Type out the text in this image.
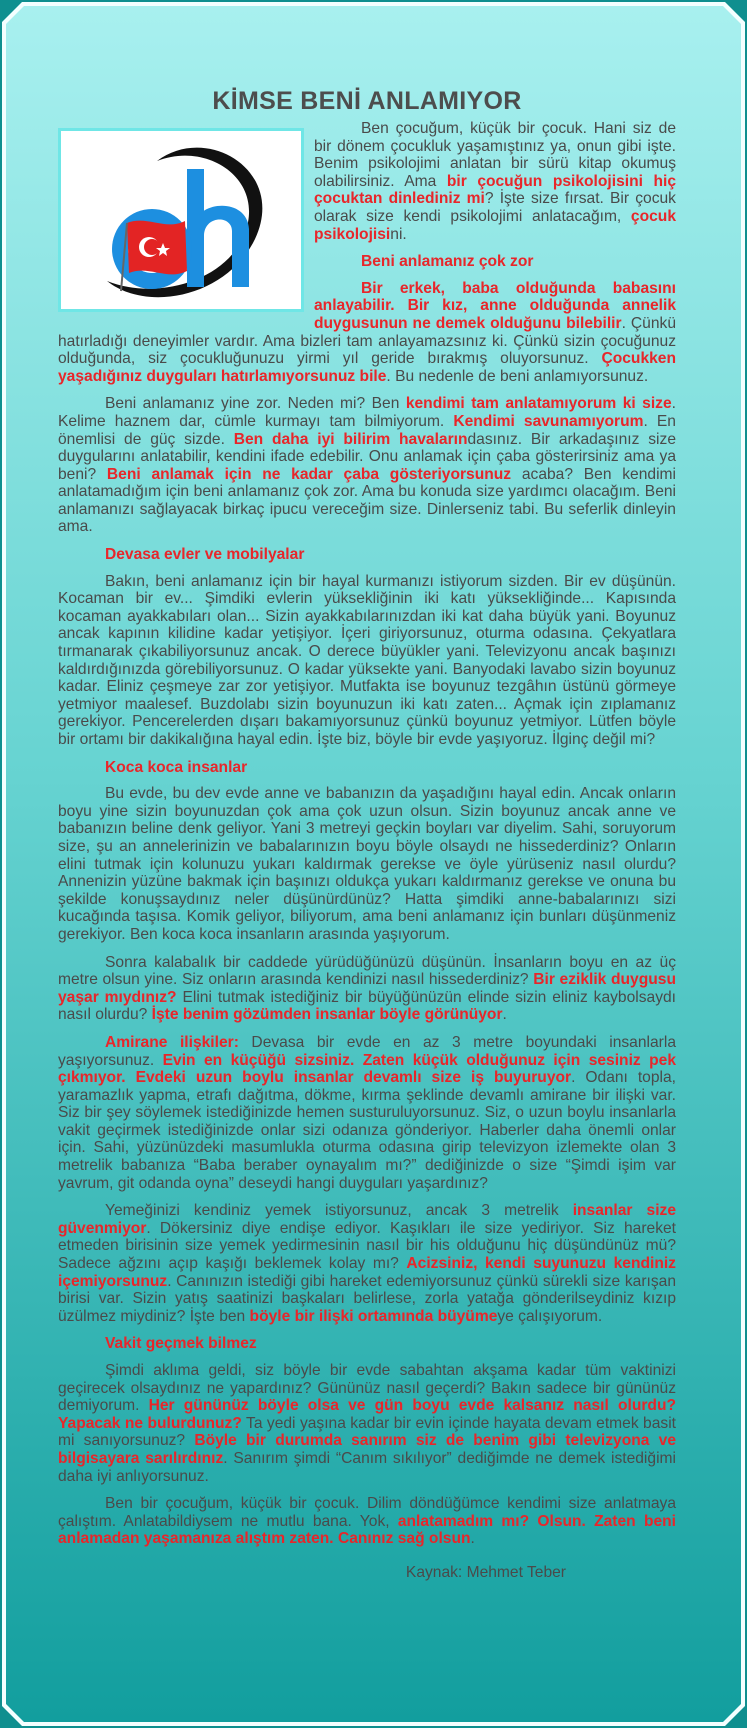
KİMSE BENİ ANLAMIYOR

Ben çocuğum, küçük bir çocuk. Hani siz de bir dönem çocukluk yaşamıştınız ya, onun gibi işte. Benim psikolojimi anlatan bir sürü kitap okumuş olabilirsiniz. Ama bir çocuğun psikolojisini hiç çocuktan dinlediniz mi? İşte size fırsat. Bir çocuk olarak size kendi psikolojimi anlatacağım, çocuk psikolojisini.

Beni anlamanız çok zor

Bir erkek, baba olduğunda babasını anlayabilir. Bir kız, anne olduğunda annelik duygusunun ne demek olduğunu bilebilir. Çünkü hatırladığı deneyimler vardır. Ama bizleri tam anlayamazsınız ki. Çünkü sizin çocuğunuz olduğunda, siz çocukluğunuzu yirmi yıl geride bırakmış oluyorsunuz. Çocukken yaşadığınız duyguları hatırlamıyorsunuz bile. Bu nedenle de beni anlamıyorsunuz.

Beni anlamanız yine zor. Neden mi? Ben kendimi tam anlatamıyorum ki size. Kelime haznem dar, cümle kurmayı tam bilmiyorum. Kendimi savunamıyorum. En önemlisi de güç sizde. Ben daha iyi bilirim havalarındasınız. Bir arkadaşınız size duygularını anlatabilir, kendini ifade edebilir. Onu anlamak için çaba gösterirsiniz ama ya beni? Beni anlamak için ne kadar çaba gösteriyorsunuz acaba? Ben kendimi anlatamadığım için beni anlamanız çok zor. Ama bu konuda size yardımcı olacağım. Beni anlamanızı sağlayacak birkaç ipucu vereceğim size. Dinlerseniz tabi. Bu seferlik dinleyin ama.

Devasa evler ve mobilyalar

Bakın, beni anlamanız için bir hayal kurmanızı istiyorum sizden. Bir ev düşünün. Kocaman bir ev... Şimdiki evlerin yüksekliğinin iki katı yüksekliğinde... Kapısında kocaman ayakkabıları olan... Sizin ayakkabılarınızdan iki kat daha büyük yani. Boyunuz ancak kapının kilidine kadar yetişiyor. İçeri giriyorsunuz, oturma odasına. Çekyatlara tırmanarak çıkabiliyorsunuz ancak. O derece büyükler yani. Televizyonu ancak başınızı kaldırdığınızda görebiliyorsunuz. O kadar yüksekte yani. Banyodaki lavabo sizin boyunuz kadar. Eliniz çeşmeye zar zor yetişiyor. Mutfakta ise boyunuz tezgâhın üstünü görmeye yetmiyor maalesef. Buzdolabı sizin boyunuzun iki katı zaten... Açmak için zıplamanız gerekiyor. Pencerelerden dışarı bakamıyorsunuz çünkü boyunuz yetmiyor. Lütfen böyle bir ortamı bir dakikalığına hayal edin. İşte biz, böyle bir evde yaşıyoruz. İlginç değil mi?

Koca koca insanlar

Bu evde, bu dev evde anne ve babanızın da yaşadığını hayal edin. Ancak onların boyu yine sizin boyunuzdan çok ama çok uzun olsun. Sizin boyunuz ancak anne ve babanızın beline denk geliyor. Yani 3 metreyi geçkin boyları var diyelim. Sahi, soruyorum size, şu an annelerinizin ve babalarınızın boyu böyle olsaydı ne hissederdiniz? Onların elini tutmak için kolunuzu yukarı kaldırmak gerekse ve öyle yürüseniz nasıl olurdu? Annenizin yüzüne bakmak için başınızı oldukça yukarı kaldırmanız gerekse ve onuna bu şekilde konuşsaydınız neler düşünürdünüz? Hatta şimdiki anne-babalarınızı sizi kucağında taşısa. Komik geliyor, biliyorum, ama beni anlamanız için bunları düşünmeniz gerekiyor. Ben koca koca insanların arasında yaşıyorum.

Sonra kalabalık bir caddede yürüdüğünüzü düşünün. İnsanların boyu en az üç metre olsun yine. Siz onların arasında kendinizi nasıl hissederdiniz? Bir eziklik duygusu yaşar mıydınız? Elini tutmak istediğiniz bir büyüğünüzün elinde sizin eliniz kaybolsaydı nasıl olurdu? İşte benim gözümden insanlar böyle görünüyor.

Amirane ilişkiler: Devasa bir evde en az 3 metre boyundaki insanlarla yaşıyorsunuz. Evin en küçüğü sizsiniz. Zaten küçük olduğunuz için sesiniz pek çıkmıyor. Evdeki uzun boylu insanlar devamlı size iş buyuruyor. Odanı topla, yaramazlık yapma, etrafı dağıtma, dökme, kırma şeklinde devamlı amirane bir ilişki var. Siz bir şey söylemek istediğinizde hemen susturuluyorsunuz. Siz, o uzun boylu insanlarla vakit geçirmek istediğinizde onlar sizi odanıza gönderiyor. Haberler daha önemli onlar için. Sahi, yüzünüzdeki masumlukla oturma odasına girip televizyon izlemekte olan 3 metrelik babanıza “Baba beraber oynayalım mı?” dediğinizde o size “Şimdi işim var yavrum, git odanda oyna” deseydi hangi duyguları yaşardınız?

Yemeğinizi kendiniz yemek istiyorsunuz, ancak 3 metrelik insanlar size güvenmiyor. Dökersiniz diye endişe ediyor. Kaşıkları ile size yediriyor. Siz hareket etmeden birisinin size yemek yedirmesinin nasıl bir his olduğunu hiç düşündünüz mü? Sadece ağzını açıp kaşığı beklemek kolay mı? Acizsiniz, kendi suyunuzu kendiniz içemiyorsunuz. Canınızın istediği gibi hareket edemiyorsunuz çünkü sürekli size karışan birisi var. Sizin yatış saatinizi başkaları belirlese, zorla yatağa gönderilseydiniz kızıp üzülmez miydiniz? İşte ben böyle bir ilişki ortamında büyümeye çalışıyorum.

Vakit geçmek bilmez

Şimdi aklıma geldi, siz böyle bir evde sabahtan akşama kadar tüm vaktinizi geçirecek olsaydınız ne yapardınız? Gününüz nasıl geçerdi? Bakın sadece bir gününüz demiyorum. Her gününüz böyle olsa ve gün boyu evde kalsanız nasıl olurdu? Yapacak ne bulurdunuz? Ta yedi yaşına kadar bir evin içinde hayata devam etmek basit mi sanıyorsunuz? Böyle bir durumda sanırım siz de benim gibi televizyona ve bilgisayara sarılırdınız. Sanırım şimdi “Canım sıkılıyor” dediğimde ne demek istediğimi daha iyi anlıyorsunuz.

Ben bir çocuğum, küçük bir çocuk. Dilim döndüğümce kendimi size anlatmaya çalıştım. Anlatabildiysem ne mutlu bana. Yok, anlatamadım mı? Olsun. Zaten beni anlamadan yaşamanıza alıştım zaten. Canınız sağ olsun.

Kaynak: Mehmet Teber
